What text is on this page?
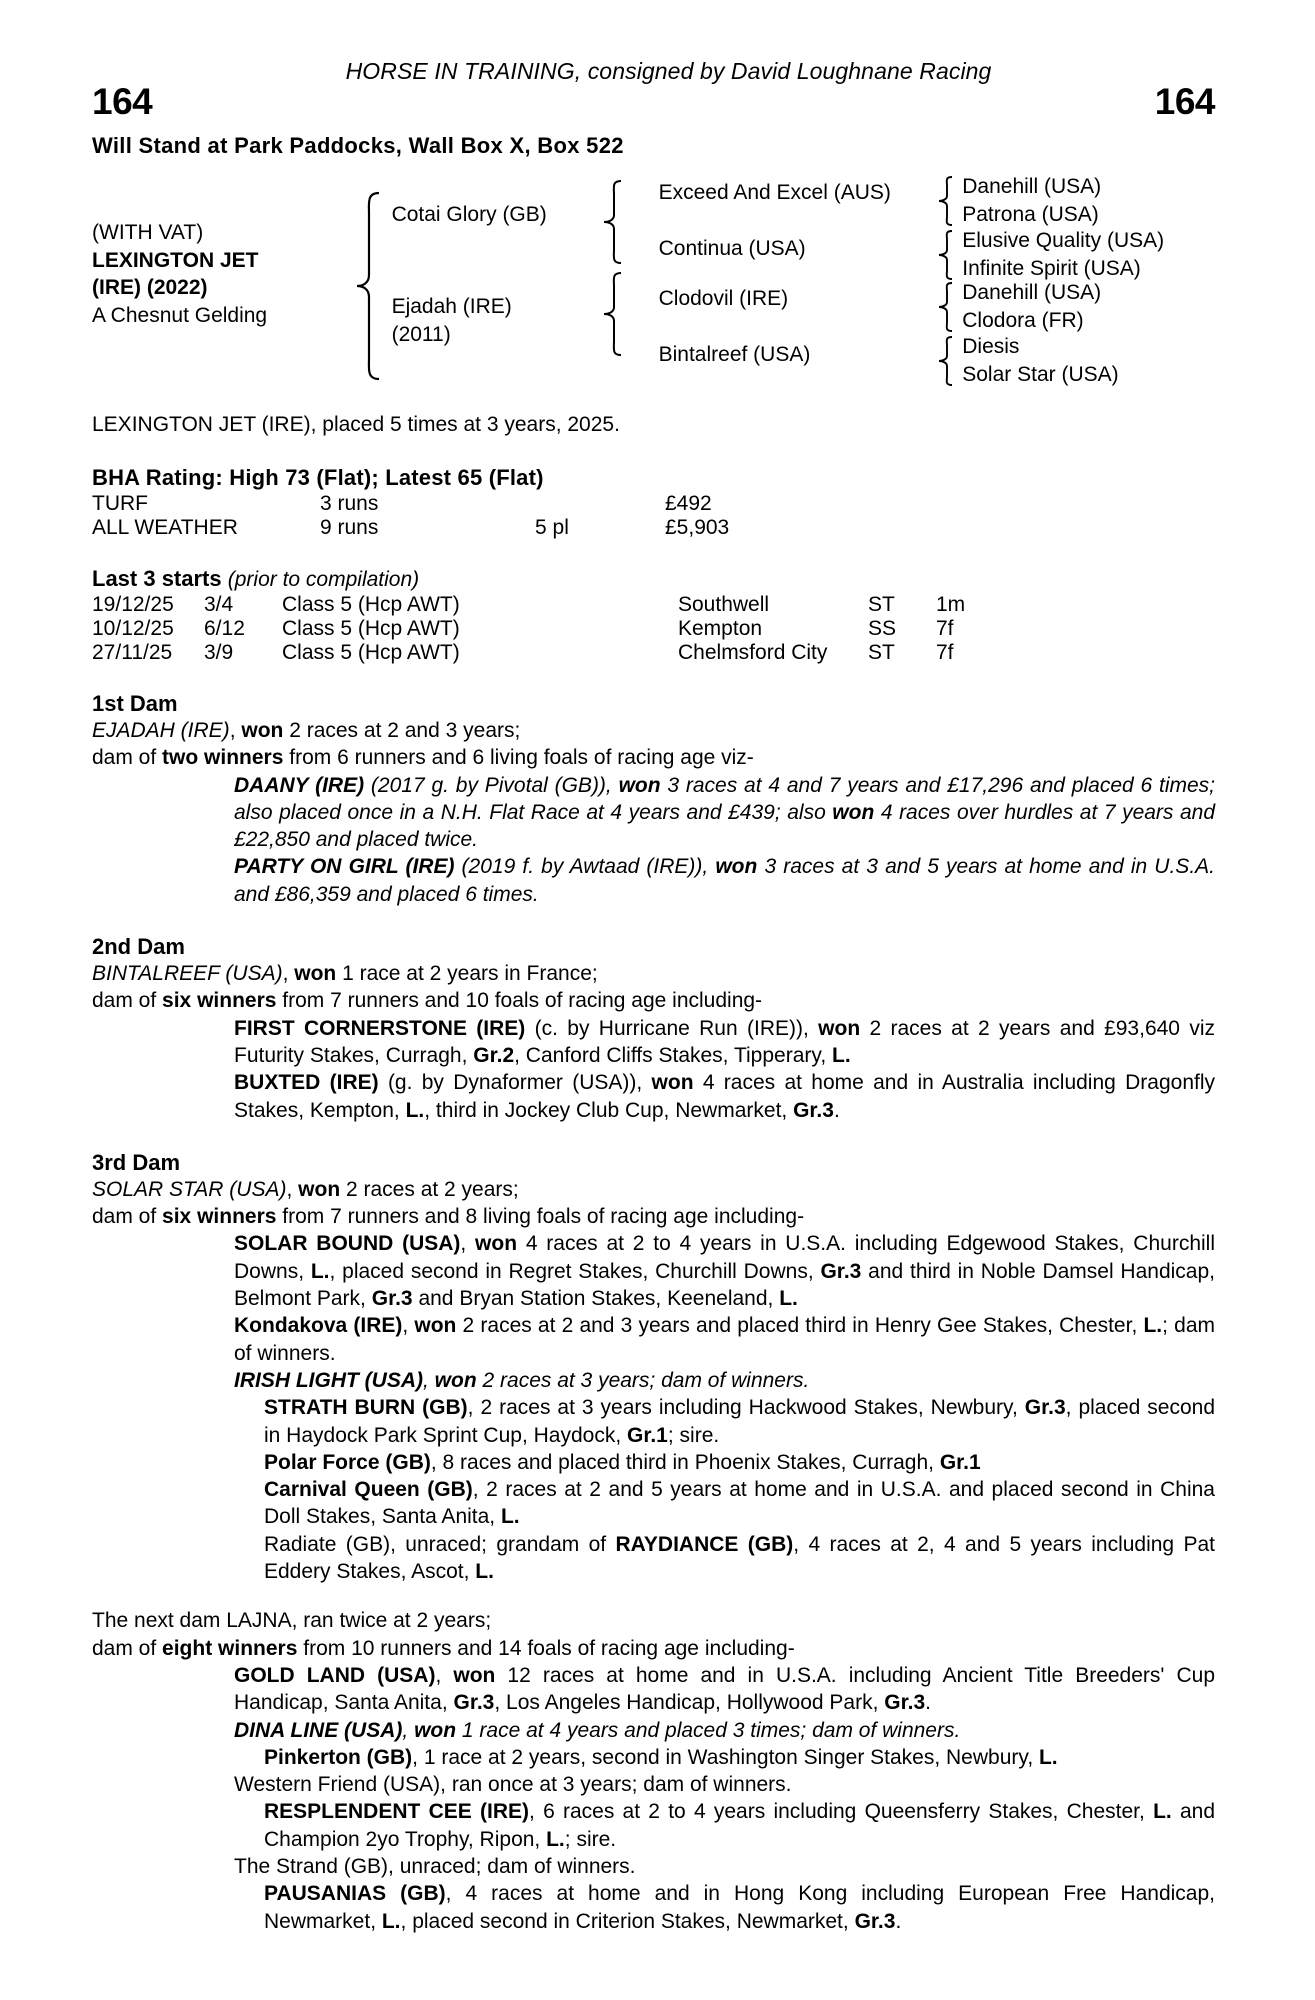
HORSE IN TRAINING, consigned by David Loughnane Racing
164	164
Will Stand at Park Paddocks, Wall Box X, Box 522
(WITH VAT)
LEXINGTON JET
(IRE) (2022)
A Chesnut Gelding
Cotai Glory (GB)
Ejadah (IRE)
(2011)
Exceed And Excel (AUS)
Continua (USA)
Clodovil (IRE)
Bintalreef (USA)
Danehill (USA)
Patrona (USA)
Elusive Quality (USA)
Infinite Spirit (USA)
Danehill (USA)
Clodora (FR)
Diesis
Solar Star (USA)
LEXINGTON JET (IRE), placed 5 times at 3 years, 2025.
BHA Rating: High 73 (Flat); Latest 65 (Flat)
TURF	3 runs		£492
ALL WEATHER	9 runs	5 pl	£5,903
Last 3 starts (prior to compilation)
19/12/25	3/4	Class 5 (Hcp AWT)	Southwell	ST	1m
10/12/25	6/12	Class 5 (Hcp AWT)	Kempton	SS	7f
27/11/25	3/9	Class 5 (Hcp AWT)	Chelmsford City	ST	7f
1st Dam
EJADAH (IRE), won 2 races at 2 and 3 years;
dam of two winners from 6 runners and 6 living foals of racing age viz-
DAANY (IRE) (2017 g. by Pivotal (GB)), won 3 races at 4 and 7 years and £17,296 and placed 6 times; also placed once in a N.H. Flat Race at 4 years and £439; also won 4 races over hurdles at 7 years and £22,850 and placed twice.
PARTY ON GIRL (IRE) (2019 f. by Awtaad (IRE)), won 3 races at 3 and 5 years at home and in U.S.A. and £86,359 and placed 6 times.
2nd Dam
BINTALREEF (USA), won 1 race at 2 years in France;
dam of six winners from 7 runners and 10 foals of racing age including-
FIRST CORNERSTONE (IRE) (c. by Hurricane Run (IRE)), won 2 races at 2 years and £93,640 viz Futurity Stakes, Curragh, Gr.2, Canford Cliffs Stakes, Tipperary, L.
BUXTED (IRE) (g. by Dynaformer (USA)), won 4 races at home and in Australia including Dragonfly Stakes, Kempton, L., third in Jockey Club Cup, Newmarket, Gr.3.
3rd Dam
SOLAR STAR (USA), won 2 races at 2 years;
dam of six winners from 7 runners and 8 living foals of racing age including-
SOLAR BOUND (USA), won 4 races at 2 to 4 years in U.S.A. including Edgewood Stakes, Churchill Downs, L., placed second in Regret Stakes, Churchill Downs, Gr.3 and third in Noble Damsel Handicap, Belmont Park, Gr.3 and Bryan Station Stakes, Keeneland, L.
Kondakova (IRE), won 2 races at 2 and 3 years and placed third in Henry Gee Stakes, Chester, L.; dam of winners.
IRISH LIGHT (USA), won 2 races at 3 years; dam of winners.
STRATH BURN (GB), 2 races at 3 years including Hackwood Stakes, Newbury, Gr.3, placed second in Haydock Park Sprint Cup, Haydock, Gr.1; sire.
Polar Force (GB), 8 races and placed third in Phoenix Stakes, Curragh, Gr.1
Carnival Queen (GB), 2 races at 2 and 5 years at home and in U.S.A. and placed second in China Doll Stakes, Santa Anita, L.
Radiate (GB), unraced; grandam of RAYDIANCE (GB), 4 races at 2, 4 and 5 years including Pat Eddery Stakes, Ascot, L.
The next dam LAJNA, ran twice at 2 years;
dam of eight winners from 10 runners and 14 foals of racing age including-
GOLD LAND (USA), won 12 races at home and in U.S.A. including Ancient Title Breeders' Cup Handicap, Santa Anita, Gr.3, Los Angeles Handicap, Hollywood Park, Gr.3.
DINA LINE (USA), won 1 race at 4 years and placed 3 times; dam of winners.
Pinkerton (GB), 1 race at 2 years, second in Washington Singer Stakes, Newbury, L.
Western Friend (USA), ran once at 3 years; dam of winners.
RESPLENDENT CEE (IRE), 6 races at 2 to 4 years including Queensferry Stakes, Chester, L. and Champion 2yo Trophy, Ripon, L.; sire.
The Strand (GB), unraced; dam of winners.
PAUSANIAS (GB), 4 races at home and in Hong Kong including European Free Handicap, Newmarket, L., placed second in Criterion Stakes, Newmarket, Gr.3.
